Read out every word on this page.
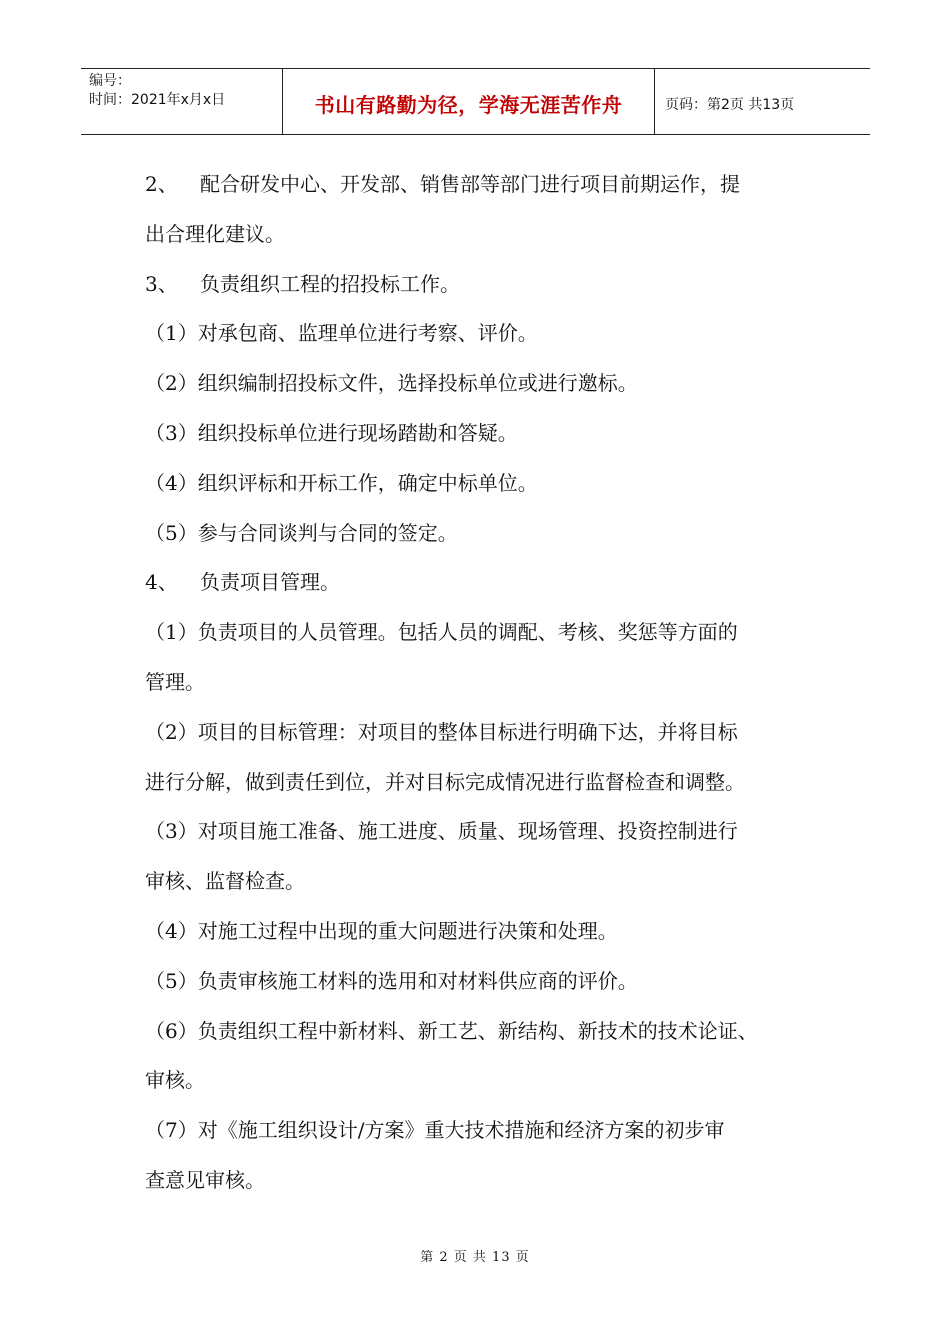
编号：
时间：2021年x月x日	书山有路勤为径，学海无涯苦作舟	页码：第2页 共13页
2、 配合研发中心、开发部、销售部等部门进行项目前期运作，提
出合理化建议。
3、 负责组织工程的招投标工作。
（1）对承包商、监理单位进行考察、评价。
（2）组织编制招投标文件，选择投标单位或进行邀标。
（3）组织投标单位进行现场踏勘和答疑。
（4）组织评标和开标工作，确定中标单位。
（5）参与合同谈判与合同的签定。
4、 负责项目管理。
（1）负责项目的人员管理。包括人员的调配、考核、奖惩等方面的
管理。
（2）项目的目标管理：对项目的整体目标进行明确下达，并将目标
进行分解，做到责任到位，并对目标完成情况进行监督检查和调整。
（3）对项目施工准备、施工进度、质量、现场管理、投资控制进行
审核、监督检查。
（4）对施工过程中出现的重大问题进行决策和处理。
（5）负责审核施工材料的选用和对材料供应商的评价。
（6）负责组织工程中新材料、新工艺、新结构、新技术的技术论证、
审核。
（7）对《施工组织设计/方案》重大技术措施和经济方案的初步审
查意见审核。
第 2 页 共 13 页
